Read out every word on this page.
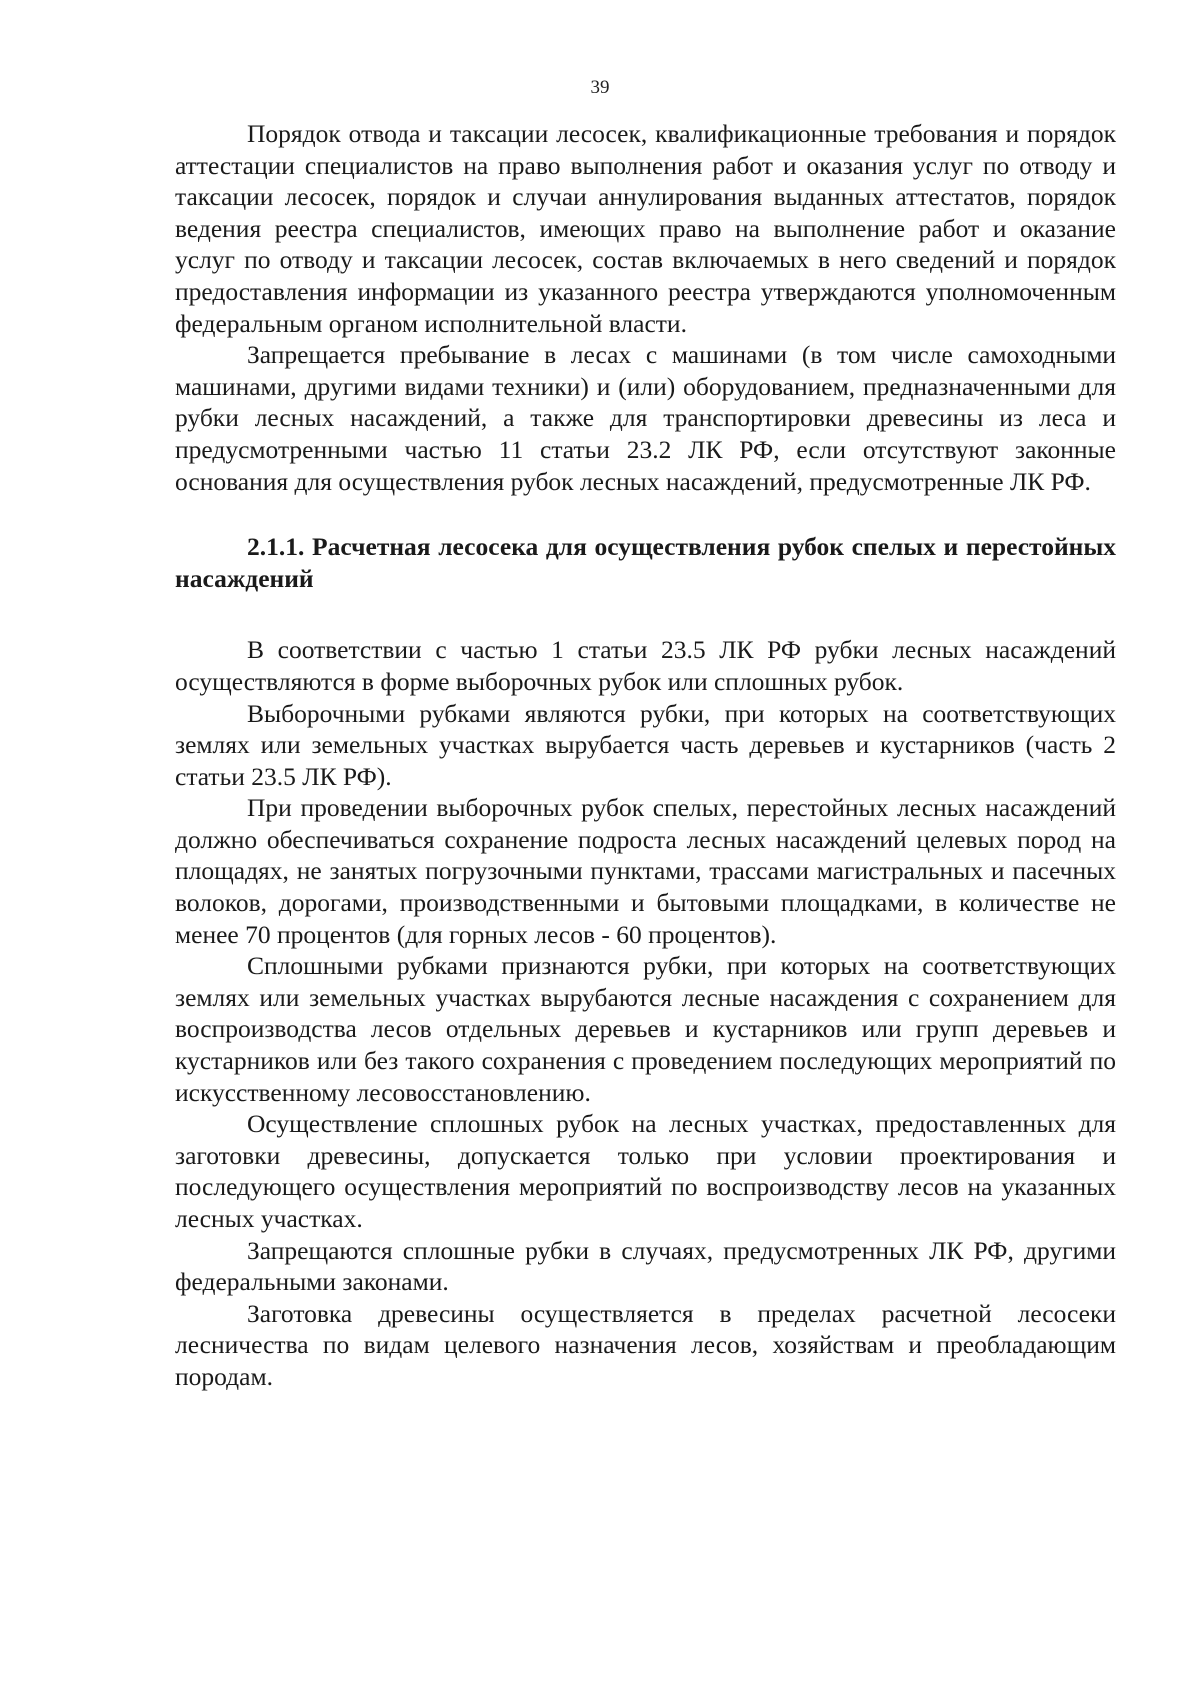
39

Порядок отвода и таксации лесосек, квалификационные требования и порядок аттестации специалистов на право выполнения работ и оказания услуг по отводу и таксации лесосек, порядок и случаи аннулирования выданных аттестатов, порядок ведения реестра специалистов, имеющих право на выполнение работ и оказание услуг по отводу и таксации лесосек, состав включаемых в него сведений и порядок предоставления информации из указанного реестра утверждаются уполномоченным федеральным органом исполнительной власти.

Запрещается пребывание в лесах с машинами (в том числе самоходными машинами, другими видами техники) и (или) оборудованием, предназначенными для рубки лесных насаждений, а также для транспортировки древесины из леса и предусмотренными частью 11 статьи 23.2 ЛК РФ, если отсутствуют законные основания для осуществления рубок лесных насаждений, предусмотренные ЛК РФ.

2.1.1. Расчетная лесосека для осуществления рубок спелых и перестойных насаждений

В соответствии с частью 1 статьи 23.5 ЛК РФ рубки лесных насаждений осуществляются в форме выборочных рубок или сплошных рубок.

Выборочными рубками являются рубки, при которых на соответствующих землях или земельных участках вырубается часть деревьев и кустарников (часть 2 статьи 23.5 ЛК РФ).

При проведении выборочных рубок спелых, перестойных лесных насаждений должно обеспечиваться сохранение подроста лесных насаждений целевых пород на площадях, не занятых погрузочными пунктами, трассами магистральных и пасечных волоков, дорогами, производственными и бытовыми площадками, в количестве не менее 70 процентов (для горных лесов - 60 процентов).

Сплошными рубками признаются рубки, при которых на соответствующих землях или земельных участках вырубаются лесные насаждения с сохранением для воспроизводства лесов отдельных деревьев и кустарников или групп деревьев и кустарников или без такого сохранения с проведением последующих мероприятий по искусственному лесовосстановлению.

Осуществление сплошных рубок на лесных участках, предоставленных для заготовки древесины, допускается только при условии проектирования и последующего осуществления мероприятий по воспроизводству лесов на указанных лесных участках.

Запрещаются сплошные рубки в случаях, предусмотренных ЛК РФ, другими федеральными законами.

Заготовка древесины осуществляется в пределах расчетной лесосеки лесничества по видам целевого назначения лесов, хозяйствам и преобладающим породам.
